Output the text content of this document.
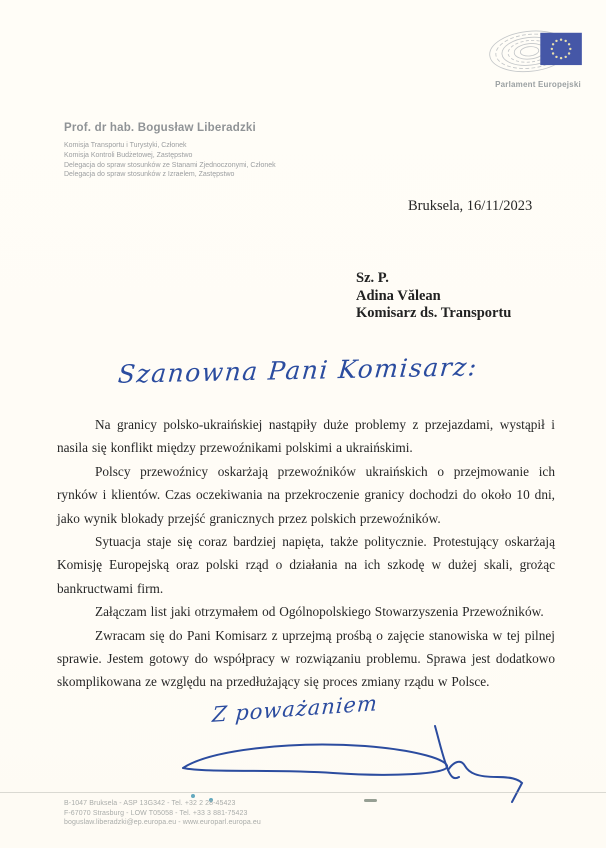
Parlament Europejski
Prof. dr hab. Bogusław Liberadzki
Komisja Transportu i Turystyki, Członek
Komisja Kontroli Budżetowej, Zastępstwo
Delegacja do spraw stosunków ze Stanami Zjednoczonymi, Członek
Delegacja do spraw stosunków z Izraelem, Zastępstwo
Bruksela, 16/11/2023
Sz. P.
Adina Vălean
Komisarz ds. Transportu
Szanowna Pani Komisarz:

Na granicy polsko-ukraińskiej nastąpiły duże problemy z przejazdami, wystąpił i nasila się konflikt między przewoźnikami polskimi a ukraińskimi.

Polscy przewoźnicy oskarżają przewoźników ukraińskich o przejmowanie ich rynków i klientów. Czas oczekiwania na przekroczenie granicy dochodzi do około 10 dni, jako wynik blokady przejść granicznych przez polskich przewoźników.

Sytuacja staje się coraz bardziej napięta, także politycznie. Protestujący oskarżają Komisję Europejską oraz polski rząd o działania na ich szkodę w dużej skali, grożąc bankructwami firm.

Załączam list jaki otrzymałem od Ogólnopolskiego Stowarzyszenia Przewoźników.

Zwracam się do Pani Komisarz z uprzejmą prośbą o zajęcie stanowiska w tej pilnej sprawie. Jestem gotowy do współpracy w rozwiązaniu problemu. Sprawa jest dodatkowo skomplikowana ze względu na przedłużający się proces zmiany rządu w Polsce.

Z poważaniem
B-1047 Bruksela - ASP 13G342 - Tel. +32 2 28-45423
F-67070 Strasburg - LOW T05058 - Tel. +33 3 881-75423
boguslaw.liberadzki@ep.europa.eu - www.europarl.europa.eu
